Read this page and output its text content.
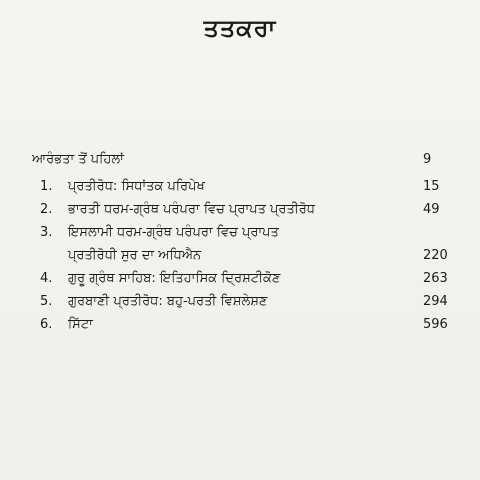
ਤਤਕਰਾ
ਆਰੰਭਤਾ ਤੋਂ ਪਹਿਲਾਂ	9
1.	ਪ੍ਰਤੀਰੋਧ: ਸਿਧਾਂਤਕ ਪਰਿਪੇਖ	15
2.	ਭਾਰਤੀ ਧਰਮ-ਗ੍ਰੰਥ ਪਰੰਪਰਾ ਵਿਚ ਪ੍ਰਾਪਤ ਪ੍ਰਤੀਰੋਧ	49
3.	ਇਸਲਾਮੀ ਧਰਮ-ਗ੍ਰੰਥ ਪਰੰਪਰਾ ਵਿਚ ਪ੍ਰਾਪਤ
ਪ੍ਰਤੀਰੋਧੀ ਸੁਰ ਦਾ ਅਧਿਐਨ	220
4.	ਗੁਰੂ ਗ੍ਰੰਥ ਸਾਹਿਬ: ਇਤਿਹਾਸਿਕ ਦ੍ਰਿਸ਼ਟੀਕੋਣ	263
5.	ਗੁਰਬਾਣੀ ਪ੍ਰਤੀਰੋਧ: ਬਹੁ-ਪਰਤੀ ਵਿਸ਼ਲੇਸ਼ਣ	294
6.	ਸਿੱਟਾ	596
